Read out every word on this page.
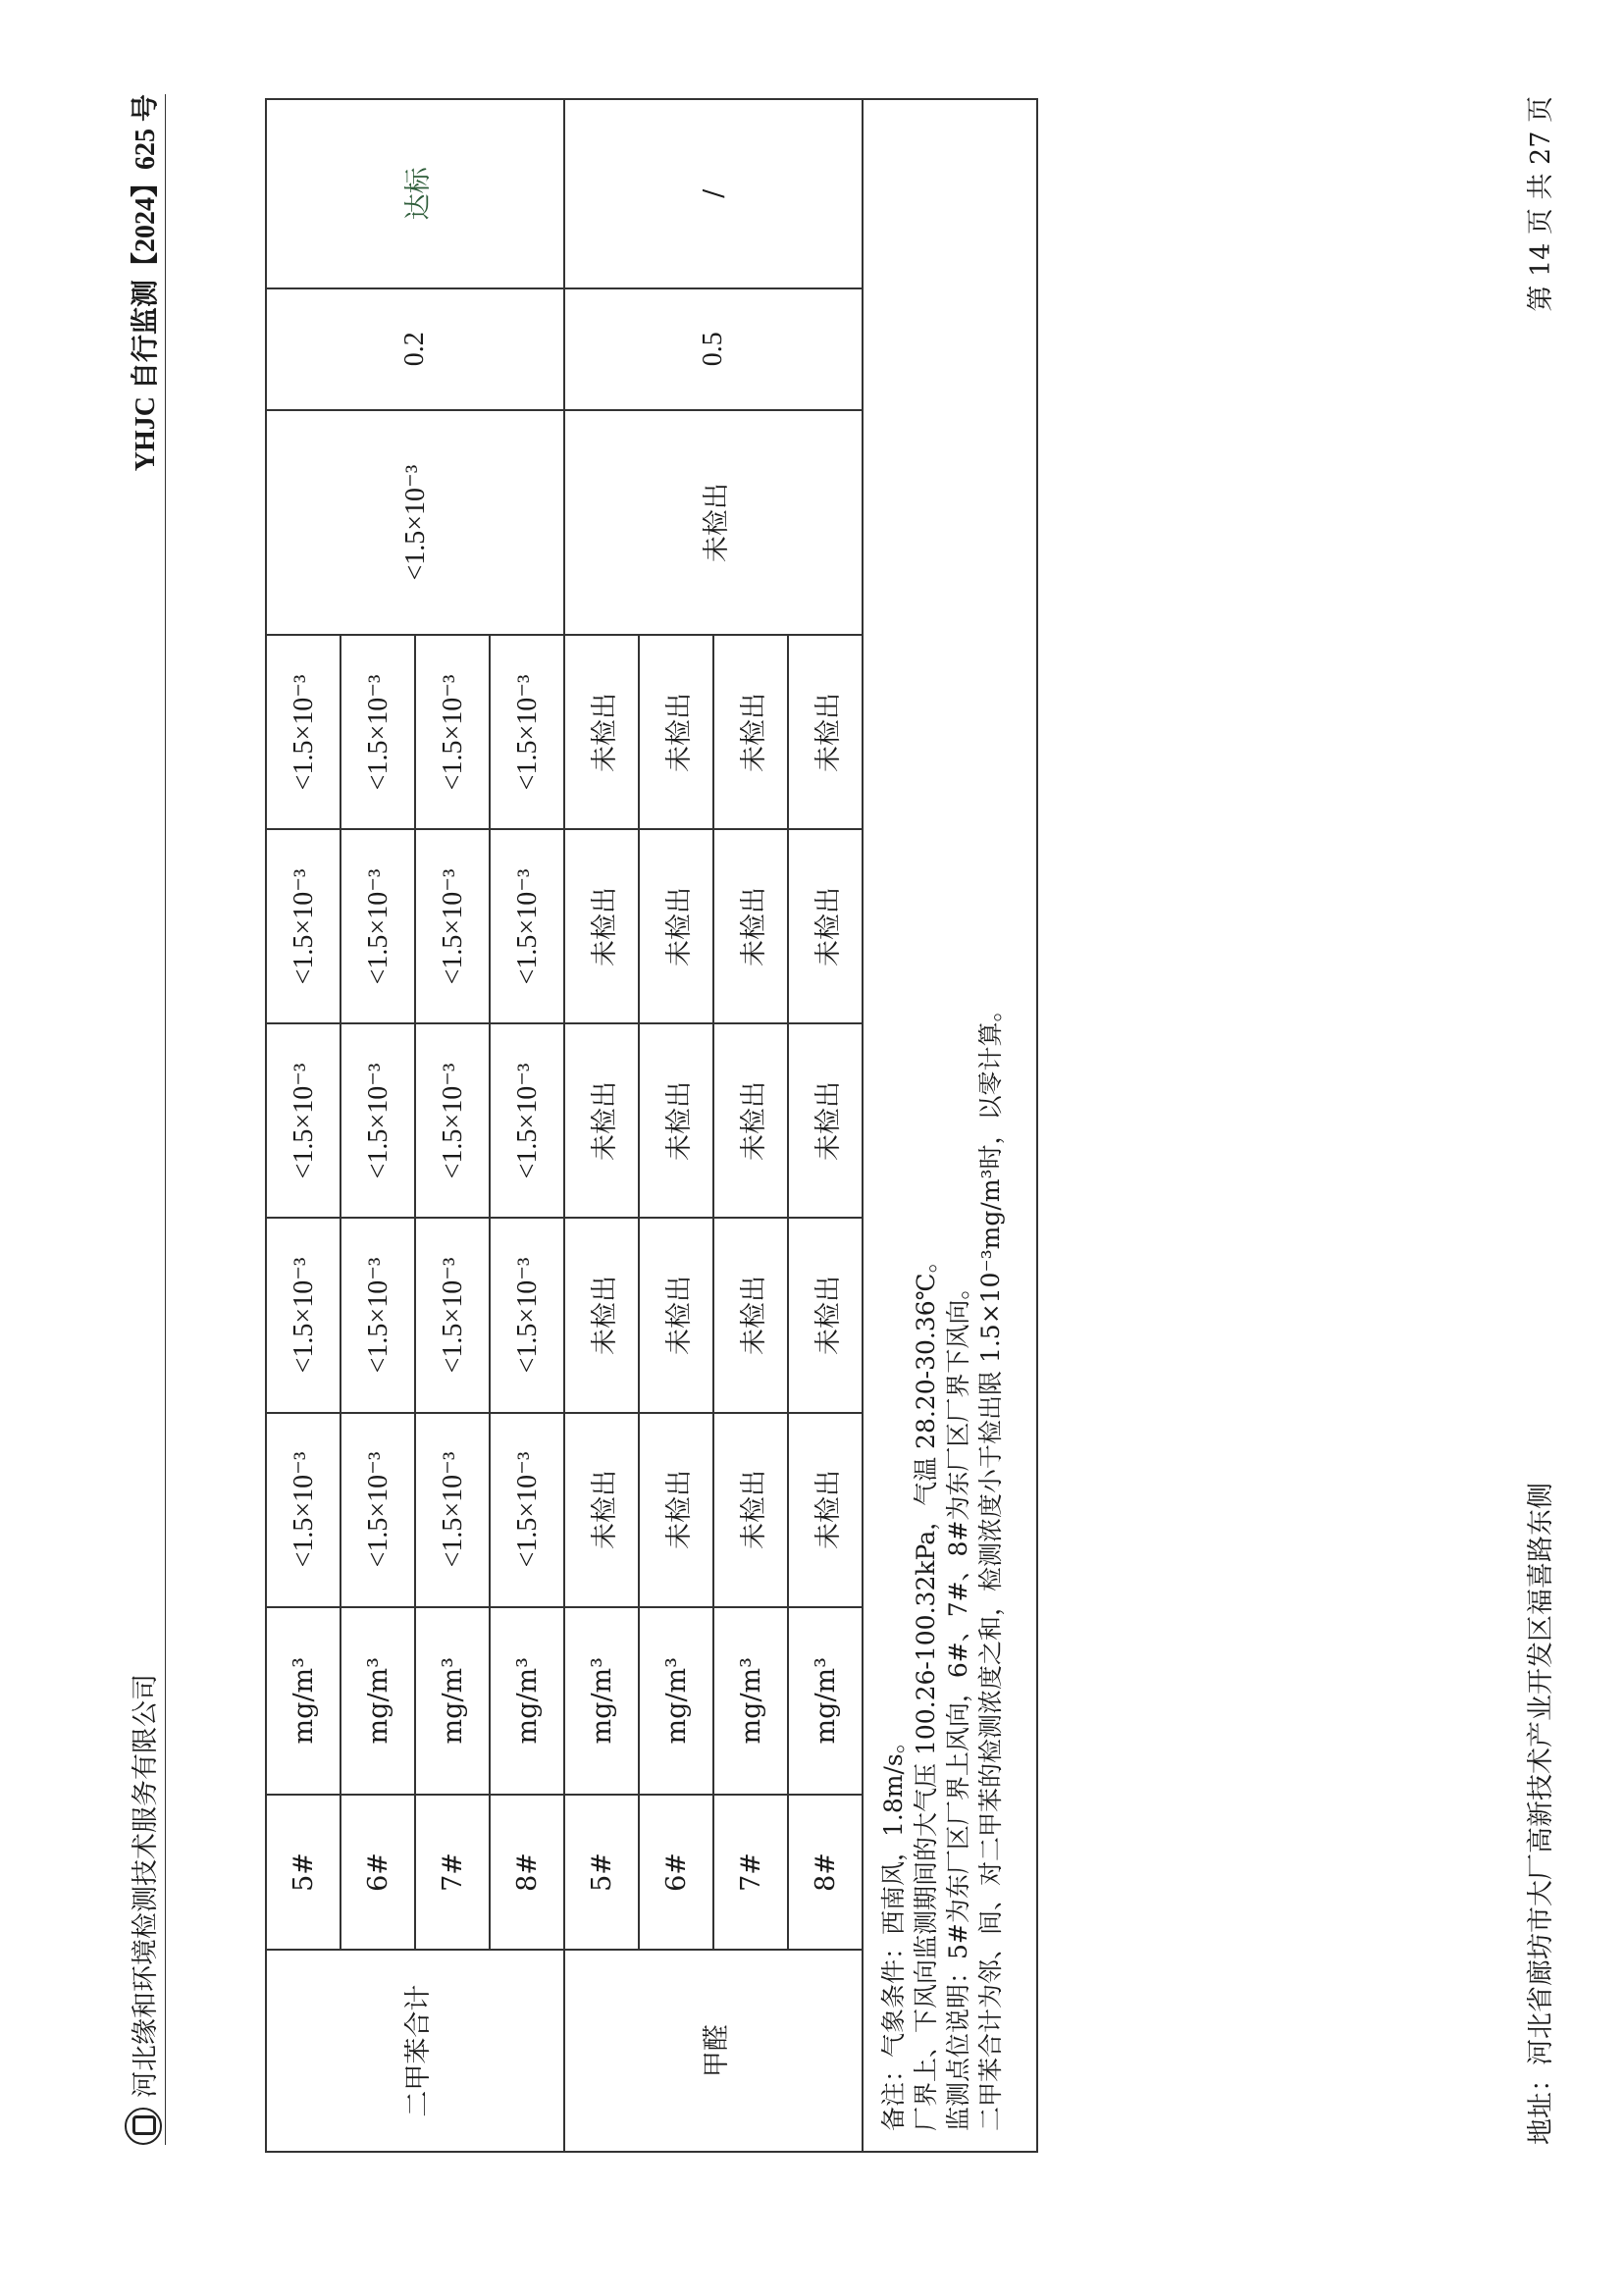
河北缘和环境检测技术服务有限公司
YHJC 自行监测【2024】625 号
二甲苯合计	5#	mg/m³	<1.5×10⁻³	<1.5×10⁻³	<1.5×10⁻³	<1.5×10⁻³	<1.5×10⁻³	<1.5×10⁻³	0.2	达标
	6#	mg/m³	<1.5×10⁻³	<1.5×10⁻³	<1.5×10⁻³	<1.5×10⁻³	<1.5×10⁻³			
	7#	mg/m³	<1.5×10⁻³	<1.5×10⁻³	<1.5×10⁻³	<1.5×10⁻³	<1.5×10⁻³			
	8#	mg/m³	<1.5×10⁻³	<1.5×10⁻³	<1.5×10⁻³	<1.5×10⁻³	<1.5×10⁻³			
甲醛	5#	mg/m³	未检出	未检出	未检出	未检出	未检出	未检出	0.5	/
	6#	mg/m³	未检出	未检出	未检出	未检出	未检出			
	7#	mg/m³	未检出	未检出	未检出	未检出	未检出			
	8#	mg/m³	未检出	未检出	未检出	未检出	未检出			

备注：气象条件：西南风，1.8m/s。 厂界上、下风向监测期间的大气压 100.26-100.32kPa，气温 28.20-30.36℃。 监测点位说明：5#为东厂区厂界上风向，6#、7#、8#为东厂区厂界下风向。 二甲苯合计为邻、间、对二甲苯的检测浓度之和，检测浓度小于检出限 1.5×10⁻³mg/m³时，以零计算。											地址：河北省廊坊市大厂高新技术产业开发区福喜路东侧
第 14 页 共 27 页
